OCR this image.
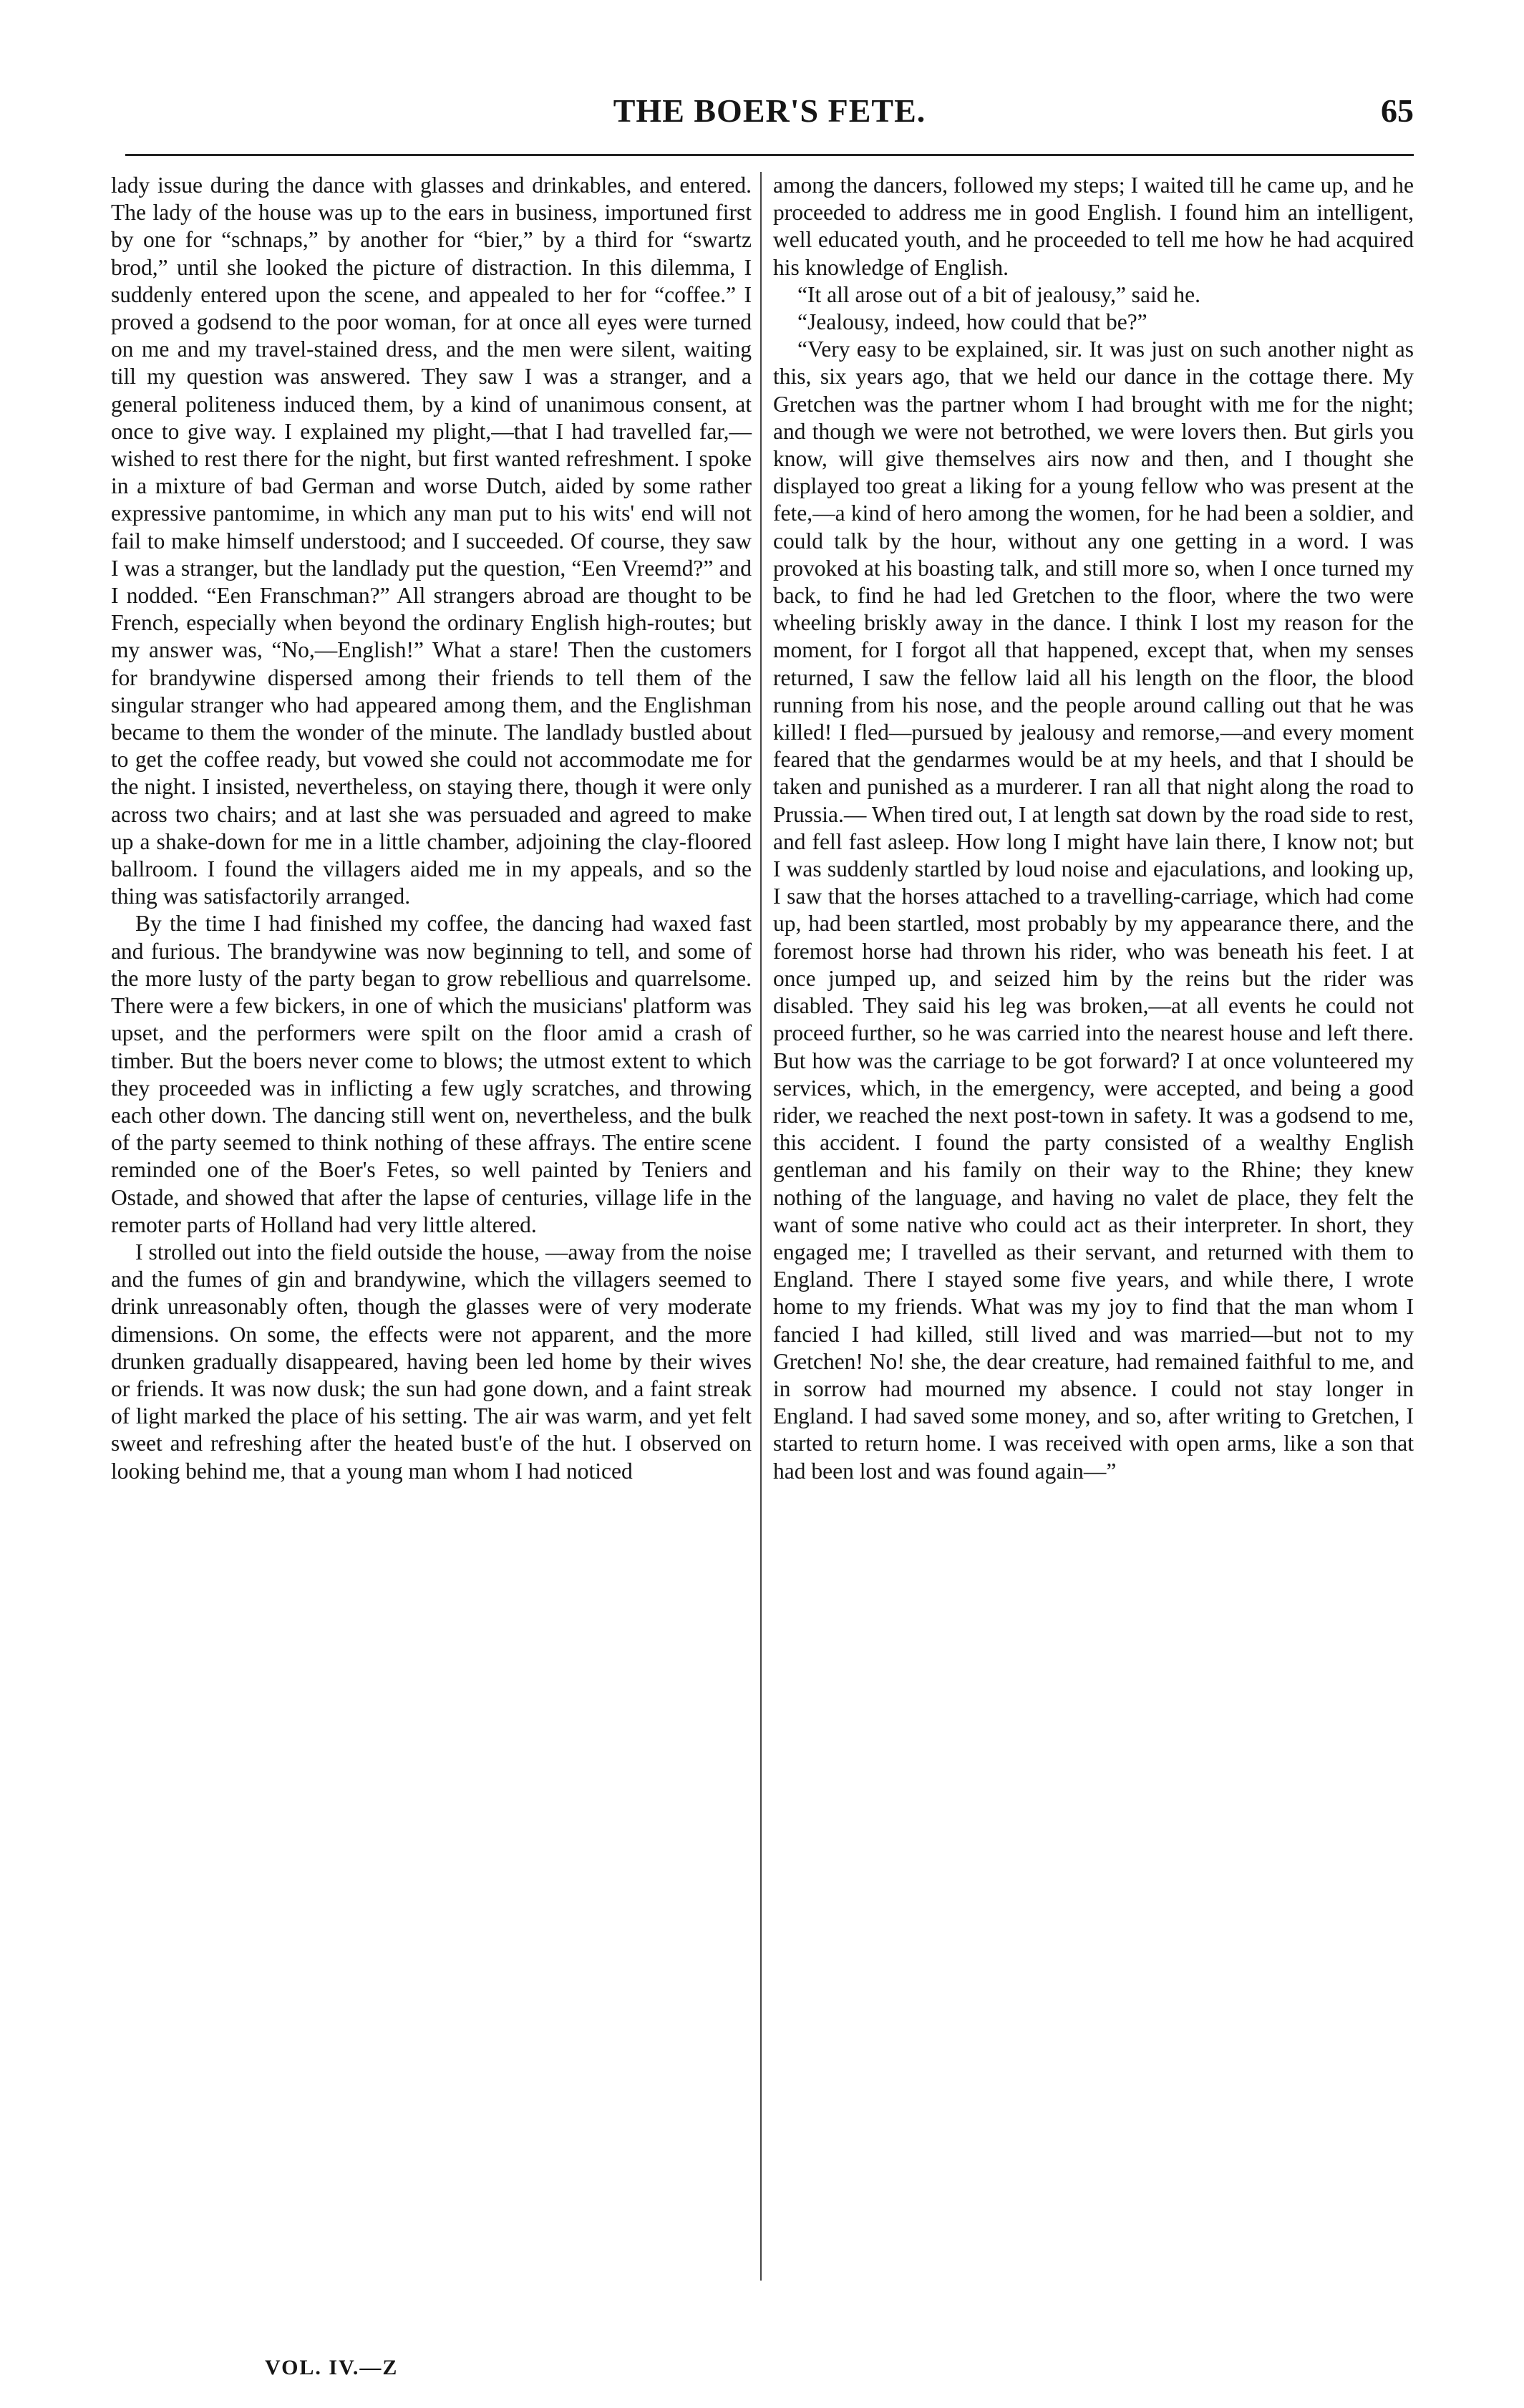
THE BOER'S FETE.	65

lady issue during the dance with glasses and drinkables, and entered. The lady of the house was up to the ears in business, importuned first by one for “schnaps,” by another for “bier,” by a third for “swartz brod,” until she looked the picture of distraction. In this dilemma, I suddenly entered upon the scene, and appealed to her for “coffee.” I proved a godsend to the poor woman, for at once all eyes were turned on me and my travel-stained dress, and the men were silent, waiting till my question was answered. They saw I was a stranger, and a general politeness induced them, by a kind of unanimous consent, at once to give way. I explained my plight,—that I had travelled far,—wished to rest there for the night, but first wanted refreshment. I spoke in a mixture of bad German and worse Dutch, aided by some rather expressive pantomime, in which any man put to his wits' end will not fail to make himself understood; and I succeeded. Of course, they saw I was a stranger, but the landlady put the question, “Een Vreemd?” and I nodded. “Een Franschman?” All strangers abroad are thought to be French, especially when beyond the ordinary English high-routes; but my answer was, “No,—English!” What a stare! Then the customers for brandywine dispersed among their friends to tell them of the singular stranger who had appeared among them, and the Englishman became to them the wonder of the minute. The landlady bustled about to get the coffee ready, but vowed she could not accommodate me for the night. I insisted, nevertheless, on staying there, though it were only across two chairs; and at last she was persuaded and agreed to make up a shake-down for me in a little chamber, adjoining the clay-floored ballroom. I found the villagers aided me in my appeals, and so the thing was satisfactorily arranged.

By the time I had finished my coffee, the dancing had waxed fast and furious. The brandywine was now beginning to tell, and some of the more lusty of the party began to grow rebellious and quarrelsome. There were a few bickers, in one of which the musicians' platform was upset, and the performers were spilt on the floor amid a crash of timber. But the boers never come to blows; the utmost extent to which they proceeded was in inflicting a few ugly scratches, and throwing each other down. The dancing still went on, nevertheless, and the bulk of the party seemed to think nothing of these affrays. The entire scene reminded one of the Boer's Fetes, so well painted by Teniers and Ostade, and showed that after the lapse of centuries, village life in the remoter parts of Holland had very little altered.

I strolled out into the field outside the house, —away from the noise and the fumes of gin and brandywine, which the villagers seemed to drink unreasonably often, though the glasses were of very moderate dimensions. On some, the effects were not apparent, and the more drunken gradually disappeared, having been led home by their wives or friends. It was now dusk; the sun had gone down, and a faint streak of light marked the place of his setting. The air was warm, and yet felt sweet and refreshing after the heated bust'e of the hut. I observed on looking behind me, that a young man whom I had noticed

among the dancers, followed my steps; I waited till he came up, and he proceeded to address me in good English. I found him an intelligent, well educated youth, and he proceeded to tell me how he had acquired his knowledge of English.

“It all arose out of a bit of jealousy,” said he.

“Jealousy, indeed, how could that be?”

“Very easy to be explained, sir. It was just on such another night as this, six years ago, that we held our dance in the cottage there. My Gretchen was the partner whom I had brought with me for the night; and though we were not betrothed, we were lovers then. But girls you know, will give themselves airs now and then, and I thought she displayed too great a liking for a young fellow who was present at the fete,—a kind of hero among the women, for he had been a soldier, and could talk by the hour, without any one getting in a word. I was provoked at his boasting talk, and still more so, when I once turned my back, to find he had led Gretchen to the floor, where the two were wheeling briskly away in the dance. I think I lost my reason for the moment, for I forgot all that happened, except that, when my senses returned, I saw the fellow laid all his length on the floor, the blood running from his nose, and the people around calling out that he was killed! I fled—pursued by jealousy and remorse,—and every moment feared that the gendarmes would be at my heels, and that I should be taken and punished as a murderer. I ran all that night along the road to Prussia.— When tired out, I at length sat down by the road side to rest, and fell fast asleep. How long I might have lain there, I know not; but I was suddenly startled by loud noise and ejaculations, and looking up, I saw that the horses attached to a travelling-carriage, which had come up, had been startled, most probably by my appearance there, and the foremost horse had thrown his rider, who was beneath his feet. I at once jumped up, and seized him by the reins but the rider was disabled. They said his leg was broken,—at all events he could not proceed further, so he was carried into the nearest house and left there. But how was the carriage to be got forward? I at once volunteered my services, which, in the emergency, were accepted, and being a good rider, we reached the next post-town in safety. It was a godsend to me, this accident. I found the party consisted of a wealthy English gentleman and his family on their way to the Rhine; they knew nothing of the language, and having no valet de place, they felt the want of some native who could act as their interpreter. In short, they engaged me; I travelled as their servant, and returned with them to England. There I stayed some five years, and while there, I wrote home to my friends. What was my joy to find that the man whom I fancied I had killed, still lived and was married—but not to my Gretchen! No! she, the dear creature, had remained faithful to me, and in sorrow had mourned my absence. I could not stay longer in England. I had saved some money, and so, after writing to Gretchen, I started to return home. I was received with open arms, like a son that had been lost and was found again—”

VOL. IV.—Z
